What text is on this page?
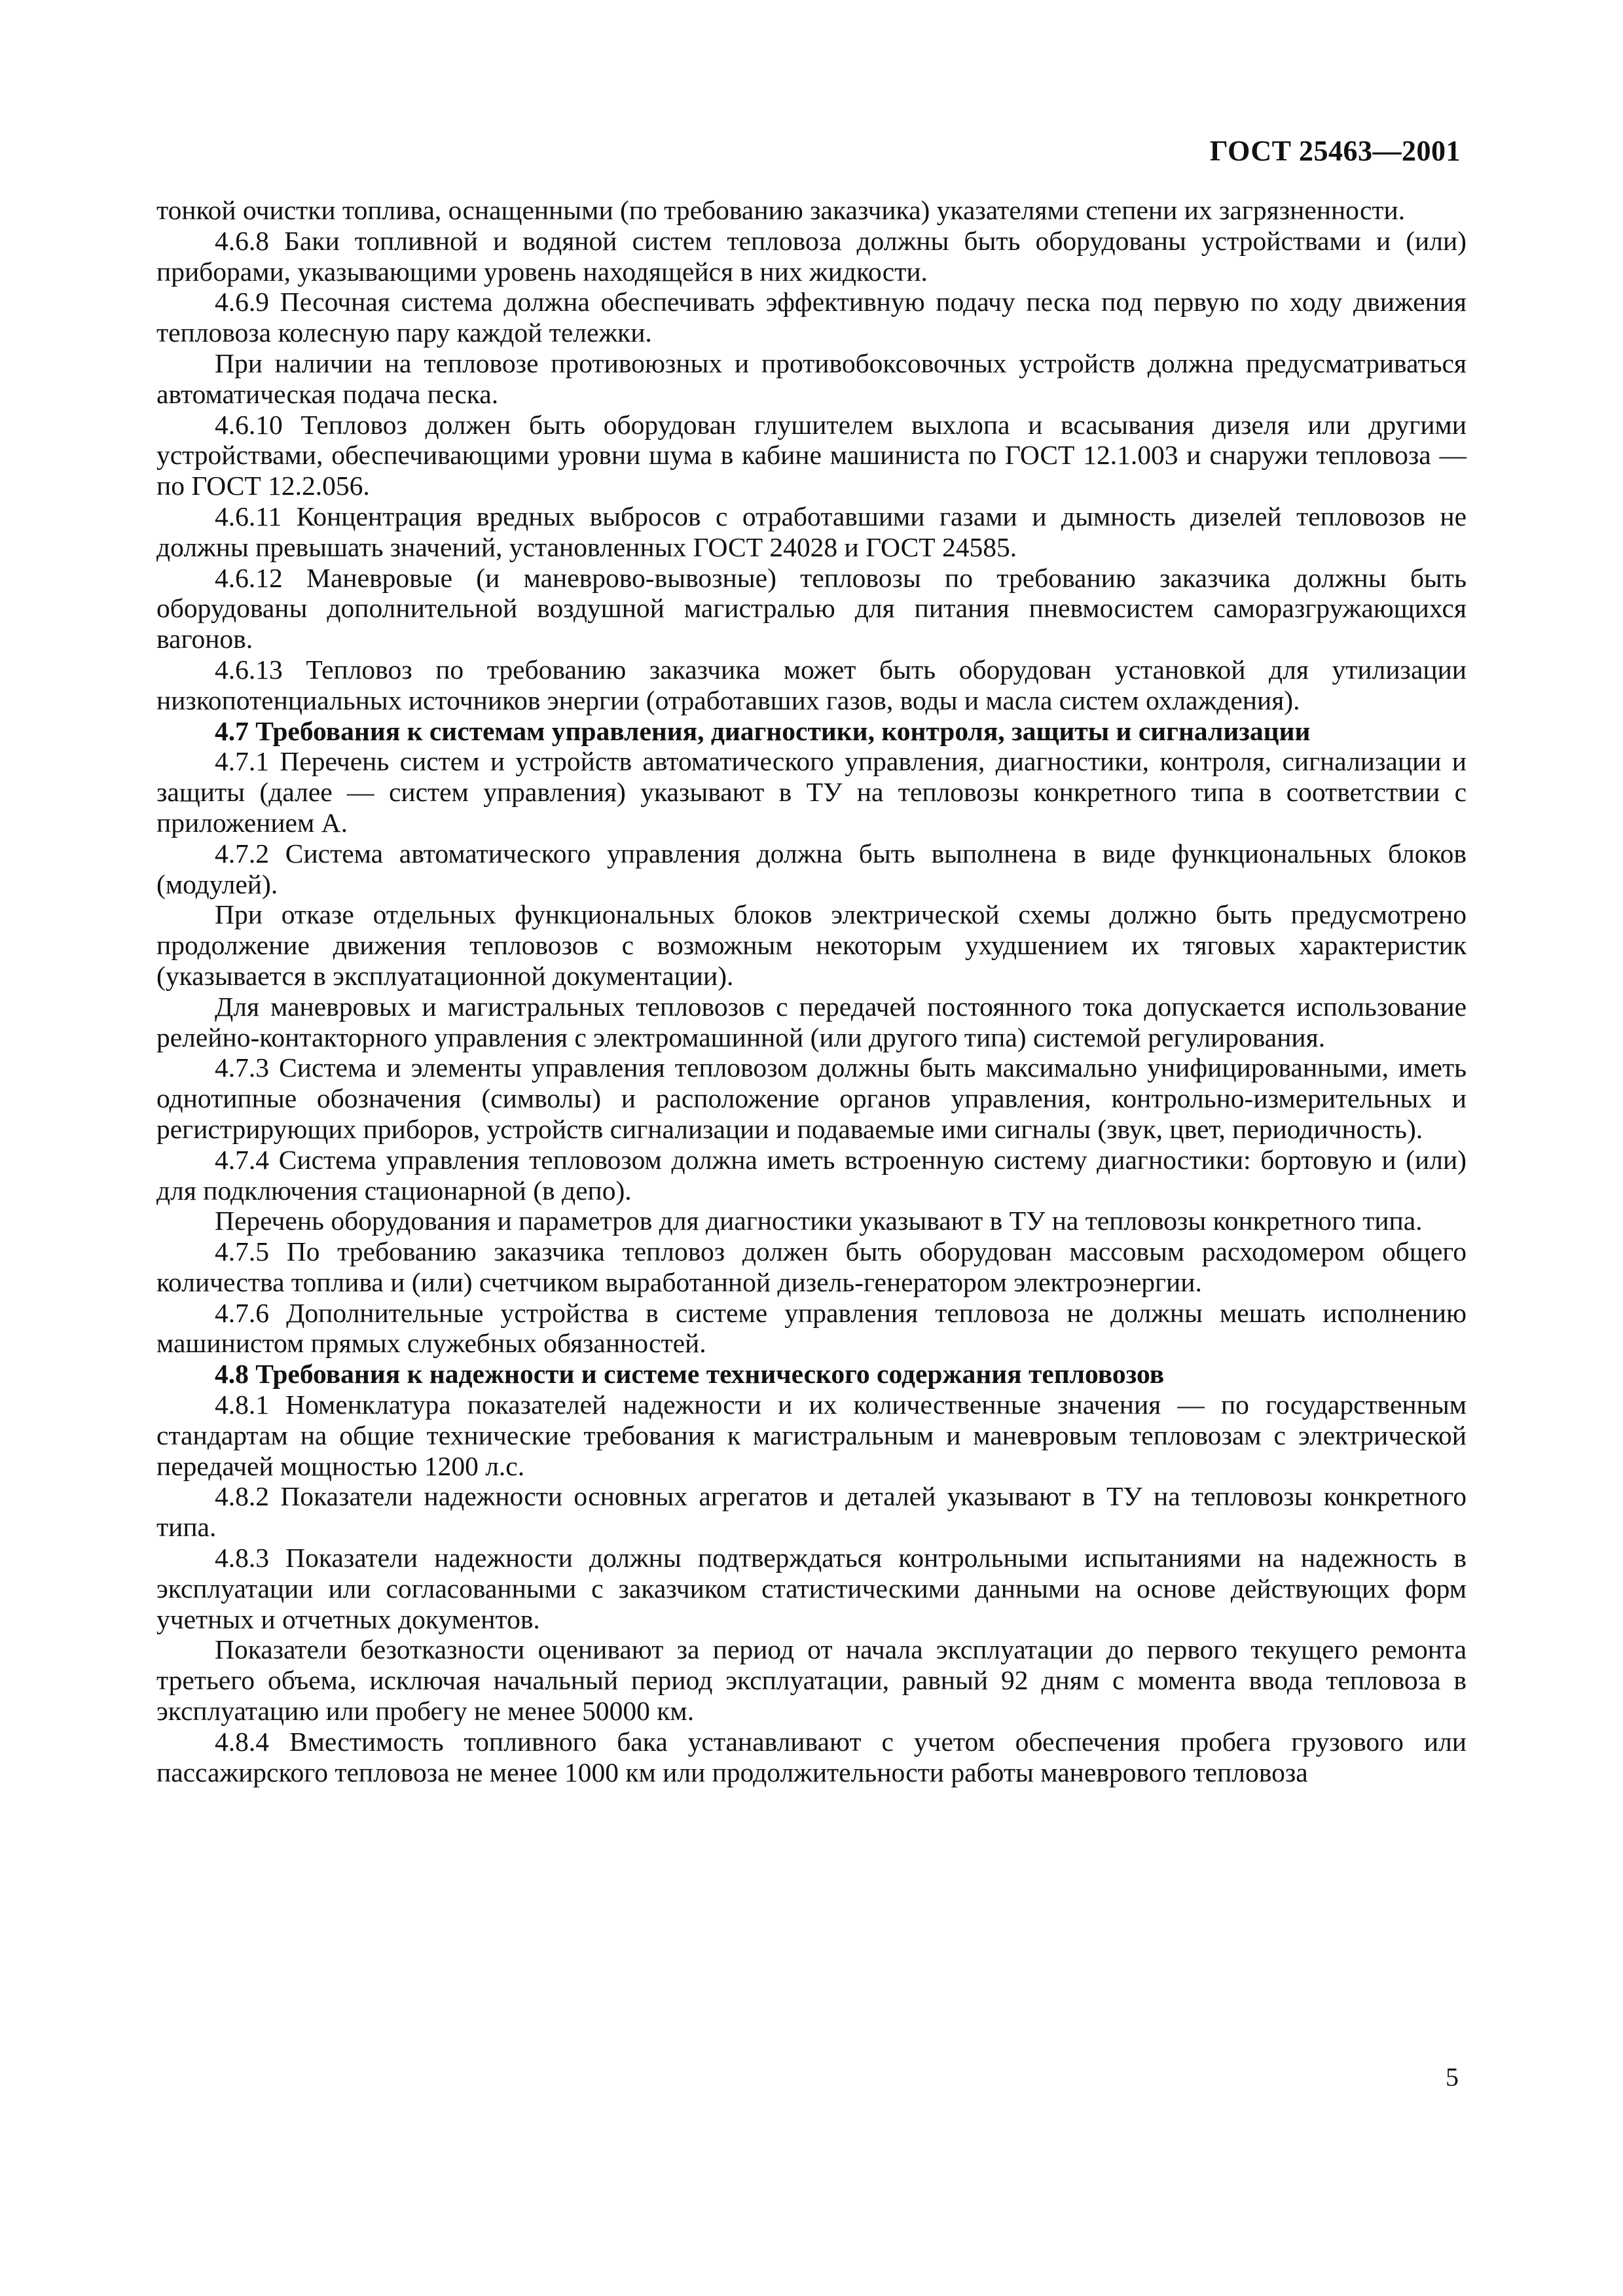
ГОСТ 25463—2001

тонкой очистки топлива, оснащенными (по требованию заказчика) указателями степени их загрязненности.

4.6.8 Баки топливной и водяной систем тепловоза должны быть оборудованы устройствами и (или) приборами, указывающими уровень находящейся в них жидкости.

4.6.9 Песочная система должна обеспечивать эффективную подачу песка под первую по ходу движения тепловоза колесную пару каждой тележки.

При наличии на тепловозе противоюзных и противобоксовочных устройств должна предусматриваться автоматическая подача песка.

4.6.10 Тепловоз должен быть оборудован глушителем выхлопа и всасывания дизеля или другими устройствами, обеспечивающими уровни шума в кабине машиниста по ГОСТ 12.1.003 и снаружи тепловоза — по ГОСТ 12.2.056.

4.6.11 Концентрация вредных выбросов с отработавшими газами и дымность дизелей тепловозов не должны превышать значений, установленных ГОСТ 24028 и ГОСТ 24585.

4.6.12 Маневровые (и маневрово-вывозные) тепловозы по требованию заказчика должны быть оборудованы дополнительной воздушной магистралью для питания пневмосистем саморазгружающихся вагонов.

4.6.13 Тепловоз по требованию заказчика может быть оборудован установкой для утилизации низкопотенциальных источников энергии (отработавших газов, воды и масла систем охлаждения).

4.7 Требования к системам управления, диагностики, контроля, защиты и сигнализации

4.7.1 Перечень систем и устройств автоматического управления, диагностики, контроля, сигнализации и защиты (далее — систем управления) указывают в ТУ на тепловозы конкретного типа в соответствии с приложением А.

4.7.2 Система автоматического управления должна быть выполнена в виде функциональных блоков (модулей).

При отказе отдельных функциональных блоков электрической схемы должно быть предусмотрено продолжение движения тепловозов с возможным некоторым ухудшением их тяговых характеристик (указывается в эксплуатационной документации).

Для маневровых и магистральных тепловозов с передачей постоянного тока допускается использование релейно-контакторного управления с электромашинной (или другого типа) системой регулирования.

4.7.3 Система и элементы управления тепловозом должны быть максимально унифицированными, иметь однотипные обозначения (символы) и расположение органов управления, контрольно-измерительных и регистрирующих приборов, устройств сигнализации и подаваемые ими сигналы (звук, цвет, периодичность).

4.7.4 Система управления тепловозом должна иметь встроенную систему диагностики: бортовую и (или) для подключения стационарной (в депо).

Перечень оборудования и параметров для диагностики указывают в ТУ на тепловозы конкретного типа.

4.7.5 По требованию заказчика тепловоз должен быть оборудован массовым расходомером общего количества топлива и (или) счетчиком выработанной дизель-генератором электроэнергии.

4.7.6 Дополнительные устройства в системе управления тепловоза не должны мешать исполнению машинистом прямых служебных обязанностей.

4.8 Требования к надежности и системе технического содержания тепловозов

4.8.1 Номенклатура показателей надежности и их количественные значения — по государственным стандартам на общие технические требования к магистральным и маневровым тепловозам с электрической передачей мощностью 1200 л.с.

4.8.2 Показатели надежности основных агрегатов и деталей указывают в ТУ на тепловозы конкретного типа.

4.8.3 Показатели надежности должны подтверждаться контрольными испытаниями на надежность в эксплуатации или согласованными с заказчиком статистическими данными на основе действующих форм учетных и отчетных документов.

Показатели безотказности оценивают за период от начала эксплуатации до первого текущего ремонта третьего объема, исключая начальный период эксплуатации, равный 92 дням с момента ввода тепловоза в эксплуатацию или пробегу не менее 50000 км.

4.8.4 Вместимость топливного бака устанавливают с учетом обеспечения пробега грузового или пассажирского тепловоза не менее 1000 км или продолжительности работы маневрового тепловоза

5
